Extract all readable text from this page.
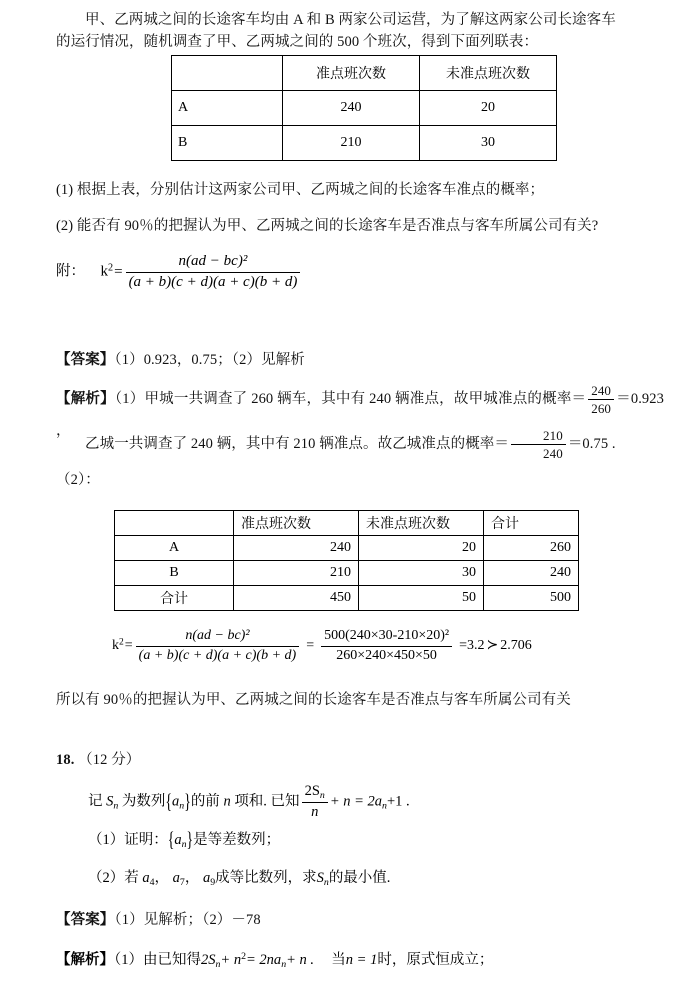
甲、乙两城之间的长途客车均由 A 和 B 两家公司运营，为了解这两家公司长途客车
的运行情况，随机调查了甲、乙两城之间的 500 个班次，得到下面列联表：
	准点班次数	未准点班次数
A	240	20
B	210	30
(1) 根据上表，分别估计这两家公司甲、乙两城之间的长途客车准点的概率；
(2) 能否有 90％的把握认为甲、乙两城之间的长途客车是否准点与客车所属公司有关?
附： $k^2= \frac{\text{n(ad − bc)²}}{(a + b)(c + d)(a + c)(b + d)}$
【答案】（1）0.923，0.75；（2）见解析
【解析】（1）甲城一共调查了 260 辆车，其中有 240 辆准点，故甲城准点的概率＝ $\frac{240}{260} =0.923$ ，
乙城一共调查了 240 辆，其中有 210 辆准点。故乙城准点的概率＝ $\frac{210}{240} =0.75$ .
（2）：
	准点班次数	未准点班次数	合计
A	240	20	260
B	210	30	240
合计	450	50	500
$k^2= \frac{\text{n(ad − bc)²}}{(a + b)(c + d)(a + c)(b + d)} = \frac{\text{500(240×30-210×20)²}}{260\times 240\times 450\times 50} =3.2$ ≻ 2.706
所以有 90％的把握认为甲、乙两城之间的长途客车是否准点与客车所属公司有关
18. （12 分）
记 $S_n$ 为数列$\{a_n\}$的前 n 项和. 已知 $\frac{2S_n}{n} + n = 2a_n+1$ .
（1）证明：$\{a_n\}$是等差数列；
（2）若 $a_4$， $a_7$， $a_9$成等比数列，求$S_n$的最小值.
【答案】（1）见解析；（2）－78
【解析】（1）由已知得$2S_n+ n^2= 2na_n+ n$ . 当n = 1时，原式恒成立；
